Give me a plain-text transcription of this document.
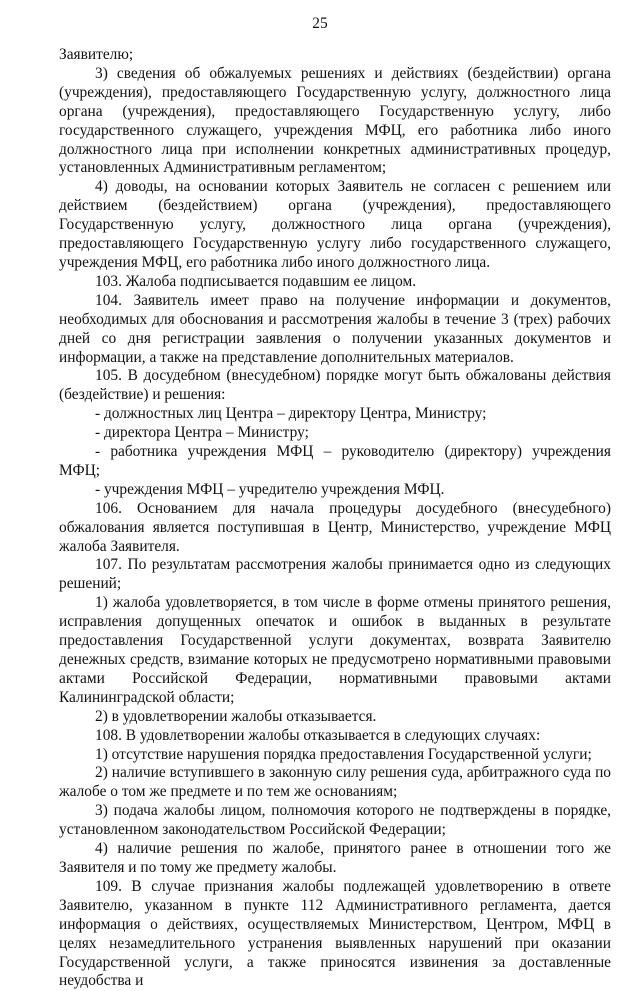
25

Заявителю;

3) сведения об обжалуемых решениях и действиях (бездействии) органа (учреждения), предоставляющего Государственную услугу, должностного лица органа (учреждения), предоставляющего Государственную услугу, либо государственного служащего, учреждения МФЦ, его работника либо иного должностного лица при исполнении конкретных административных процедур, установленных Административным регламентом;

4) доводы, на основании которых Заявитель не согласен с решением или действием (бездействием) органа (учреждения), предоставляющего Государственную услугу, должностного лица органа (учреждения), предоставляющего Государственную услугу либо государственного служащего, учреждения МФЦ, его работника либо иного должностного лица.

103. Жалоба подписывается подавшим ее лицом.

104. Заявитель имеет право на получение информации и документов, необходимых для обоснования и рассмотрения жалобы в течение 3 (трех) рабочих дней со дня регистрации заявления о получении указанных документов и информации, а также на представление дополнительных материалов.

105. В досудебном (внесудебном) порядке могут быть обжалованы действия (бездействие) и решения:

- должностных лиц Центра – директору Центра, Министру;

- директора Центра – Министру;

- работника учреждения МФЦ – руководителю (директору) учреждения МФЦ;

- учреждения МФЦ – учредителю учреждения МФЦ.

106. Основанием для начала процедуры досудебного (внесудебного) обжалования является поступившая в Центр, Министерство, учреждение МФЦ жалоба Заявителя.

107. По результатам рассмотрения жалобы принимается одно из следующих решений;

1) жалоба удовлетворяется, в том числе в форме отмены принятого решения, исправления допущенных опечаток и ошибок в выданных в результате предоставления Государственной услуги документах, возврата Заявителю денежных средств, взимание которых не предусмотрено нормативными правовыми актами Российской Федерации, нормативными правовыми актами Калининградской области;

2) в удовлетворении жалобы отказывается.

108. В удовлетворении жалобы отказывается в следующих случаях:

1) отсутствие нарушения порядка предоставления Государственной услуги;

2) наличие вступившего в законную силу решения суда, арбитражного суда по жалобе о том же предмете и по тем же основаниям;

3) подача жалобы лицом, полномочия которого не подтверждены в порядке, установленном законодательством Российской Федерации;

4) наличие решения по жалобе, принятого ранее в отношении того же Заявителя и по тому же предмету жалобы.

109. В случае признания жалобы подлежащей удовлетворению в ответе Заявителю, указанном в пункте 112 Административного регламента, дается информация о действиях, осуществляемых Министерством, Центром, МФЦ в целях незамедлительного устранения выявленных нарушений при оказании Государственной услуги, а также приносятся извинения за доставленные неудобства и
